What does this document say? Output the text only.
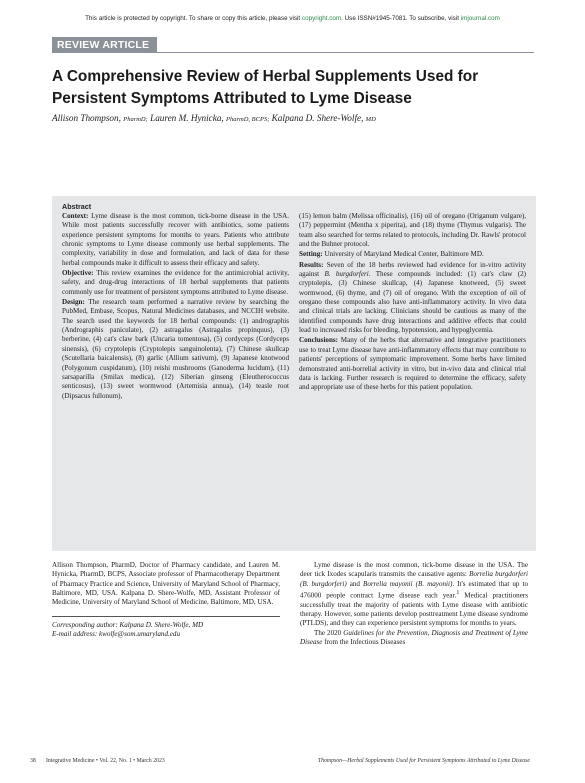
This article is protected by copyright. To share or copy this article, please visit copyright.com. Use ISSN#1945-7081. To subscribe, visit imjournal.com
REVIEW ARTICLE
A Comprehensive Review of Herbal Supplements Used for Persistent Symptoms Attributed to Lyme Disease
Allison Thompson, PharmD; Lauren M. Hynicka, PharmD, BCPS; Kalpana D. Shere-Wolfe, MD
Abstract

Context: Lyme disease is the most common, tick-borne disease in the USA. While most patients successfully recover with antibiotics, some patients experience persistent symptoms for months to years. Patients who attribute chronic symptoms to Lyme disease commonly use herbal supplements. The complexity, variability in dose and formulation, and lack of data for these herbal compounds make it difficult to assess their efficacy and safety.

Objective: This review examines the evidence for the antimicrobial activity, safety, and drug-drug interactions of 18 herbal supplements that patients commonly use for treatment of persistent symptoms attributed to Lyme disease.

Design: The research team performed a narrative review by searching the PubMed, Embase, Scopus, Natural Medicines databases, and NCCIH website. The search used the keywords for 18 herbal compounds: (1) andrographis (Andrographis paniculate), (2) astragalus (Astragalus propinquus), (3) berberine, (4) cat's claw bark (Uncaria tomentosa), (5) cordyceps (Cordyceps sinensis), (6) cryptolepis (Cryptolepis sanguinolenta), (7) Chinese skullcap (Scutellaria baicalensis), (8) garlic (Allium sativum), (9) Japanese knotwood (Polygonum cuspidatum), (10) reishi mushrooms (Ganoderma lucidum), (11) sarsaparilla (Smilax medica), (12) Siberian ginseng (Eleutherococcus senticosus), (13) sweet wormwood (Artemisia annua), (14) teasle root (Dipsacus fullonum),

(15) lemon balm (Melissa officinalis), (16) oil of oregano (Origanum vulgare), (17) peppermint (Mentha x piperita), and (18) thyme (Thymus vulgaris). The team also searched for terms related to protocols, including Dr. Rawls' protocol and the Buhner protocol.

Setting: University of Maryland Medical Center, Baltimore MD.

Results: Seven of the 18 herbs reviewed had evidence for in-vitro activity against B. burgdorferi. These compounds included: (1) cat's claw (2) cryptolepis, (3) Chinese skullcap, (4) Japanese knotweed, (5) sweet wormwood, (6) thyme, and (7) oil of oregano. With the exception of oil of oregano these compounds also have anti-inflammatory activity. In vivo data and clinical trials are lacking. Clinicians should be cautious as many of the identified compounds have drug interactions and additive effects that could lead to increased risks for bleeding, hypotension, and hypoglycemia.

Conclusions: Many of the herbs that alternative and integrative practitioners use to treat Lyme disease have anti-inflammatory effects that may contribute to patients' perceptions of symptomatic improvement. Some herbs have limited demonstrated anti-borrelial activity in vitro, but in-vivo data and clinical trial data is lacking. Further research is required to determine the efficacy, safety and appropriate use of these herbs for this patient population.

Allison Thompson, PharmD, Doctor of Pharmacy candidate, and Lauren M. Hynicka, PharmD, BCPS, Associate professor of Pharmacotherapy Department of Pharmacy Practice and Science, University of Maryland School of Pharmacy, Baltimore, MD, USA. Kalpana D. Shere-Wolfe, MD, Assistant Professor of Medicine, University of Maryland School of Medicine, Baltimore, MD, USA.

Corresponding author: Kalpana D. Shere-Wolfe, MD

E-mail address: kwolfe@som.umaryland.edu

Lyme disease is the most common, tick-borne disease in the USA. The deer tick Ixodes scapularis transmits the causative agents: Borrelia burgdorferi (B. burgdorferi) and Borrelia mayonii (B. mayonii). It's estimated that up to 476000 people contract Lyme disease each year.$^1$ Medical practitioners successfully treat the majority of patients with Lyme disease with antibiotic therapy. However, some patients develop posttreatment Lyme disease syndrome (PTLDS), and they can experience persistent symptoms for months to years.

The 2020 Guidelines for the Prevention, Diagnosis and Treatment of Lyme Disease from the Infectious Diseases

38 Integrative Medicine • Vol. 22, No. 1 • March 2023	Thompson—Herbal Supplements Used for Persistent Symptoms Attributed to Lyme Disease
